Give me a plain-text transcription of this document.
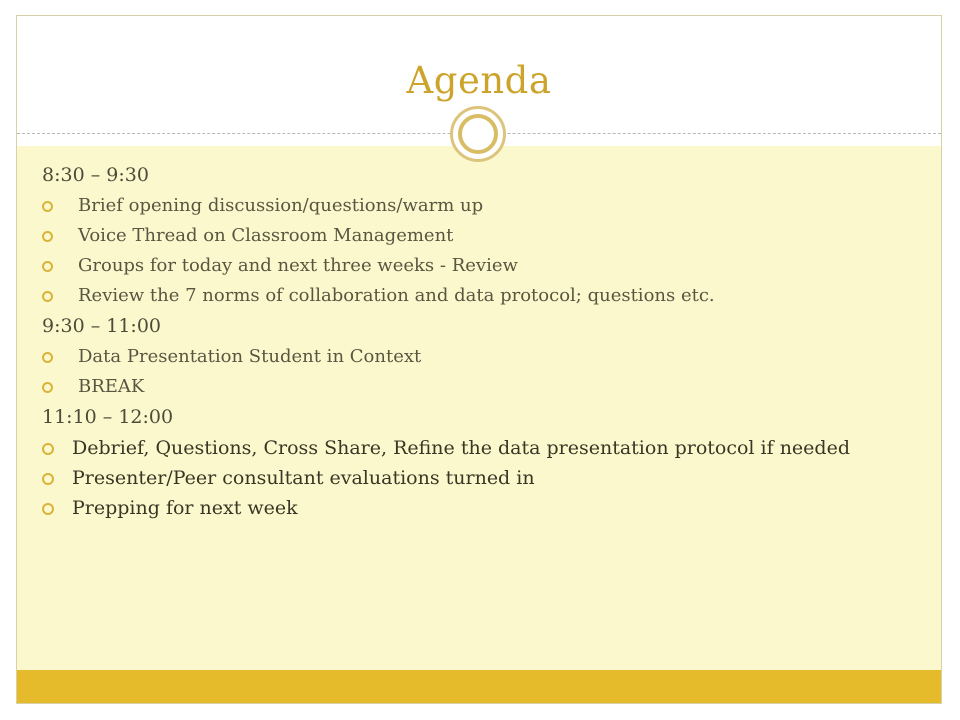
Agenda
8:30 – 9:30
Brief opening discussion/questions/warm up
Voice Thread on Classroom Management
Groups for today and next three weeks - Review
Review the 7 norms of collaboration and data protocol; questions etc.
9:30 – 11:00
Data Presentation Student in Context
BREAK
11:10 – 12:00
Debrief, Questions, Cross Share, Refine the data presentation protocol if needed
Presenter/Peer consultant evaluations turned in
Prepping for next week
